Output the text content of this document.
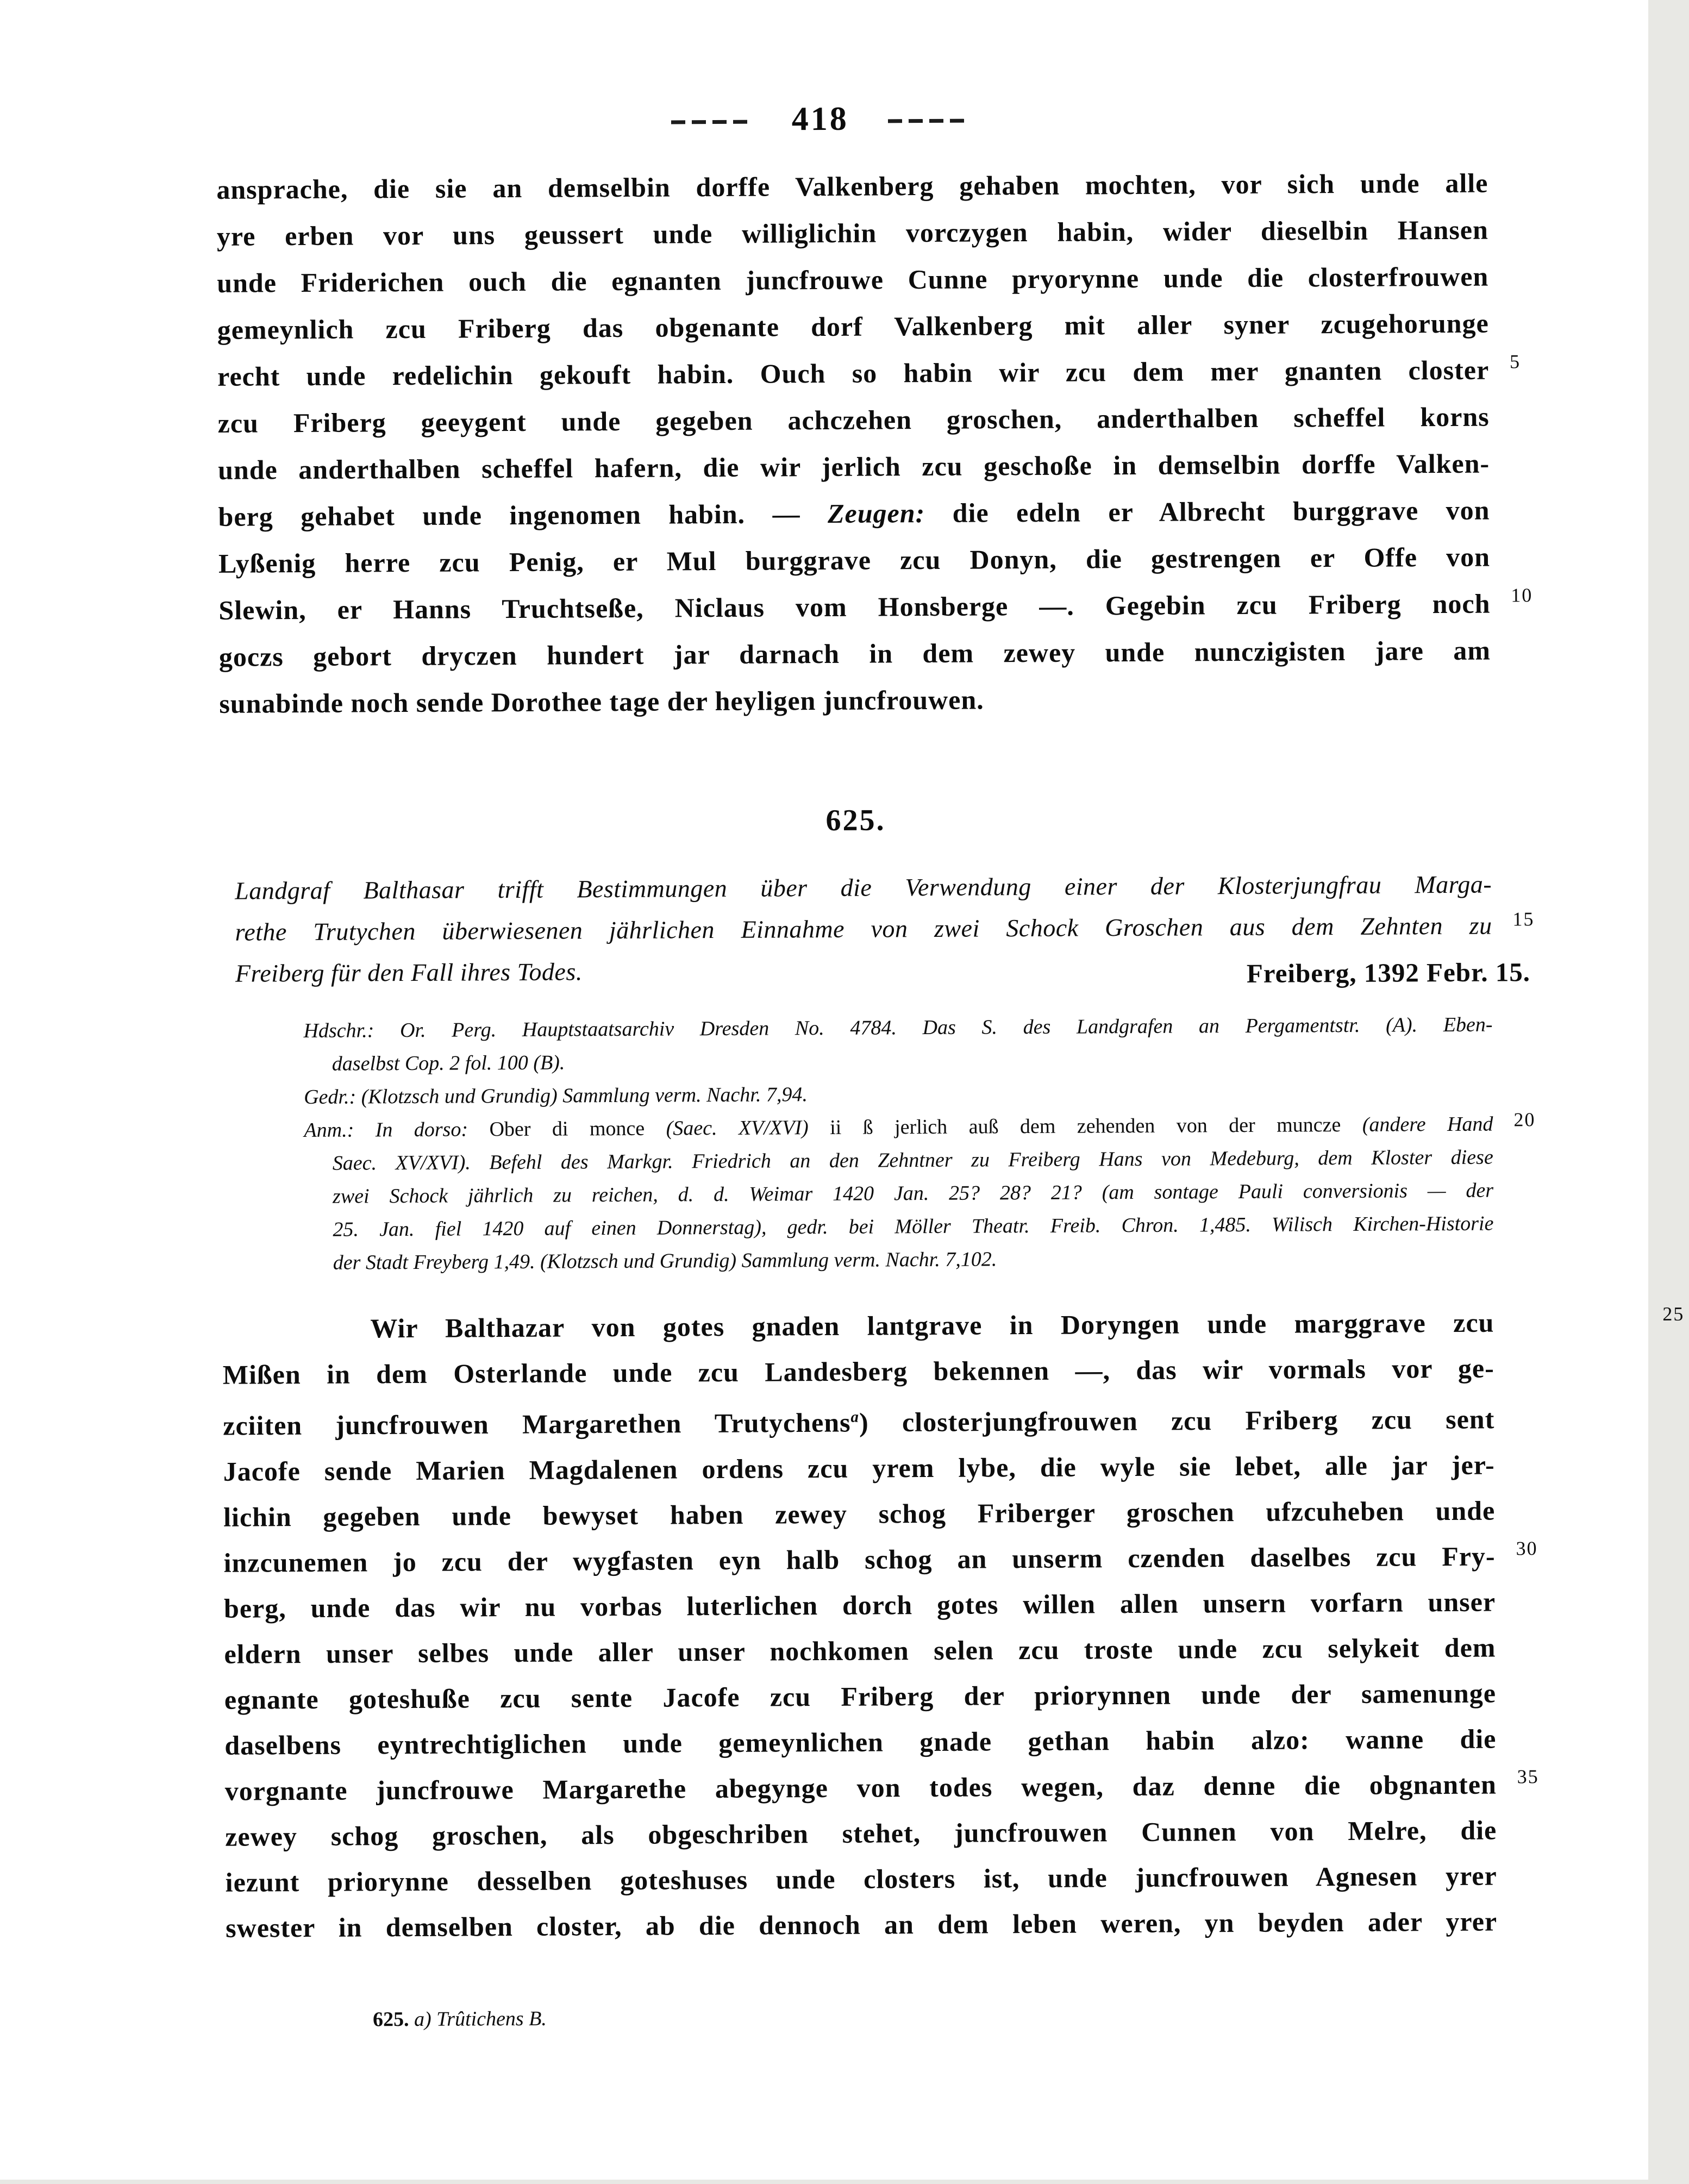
418
ansprache, die sie an demselbin dorffe Valkenberg gehaben mochten, vor sich unde alle
yre erben vor uns geussert unde williglichin vorczygen habin, wider dieselbin Hansen
unde Friderichen ouch die egnanten juncfrouwe Cunne pryorynne unde die closterfrouwen
gemeynlich zcu Friberg das obgenante dorf Valkenberg mit aller syner zcugehorunge
recht unde redelichin gekouft habin. Ouch so habin wir zcu dem mer gnanten closter 5
zcu Friberg geeygent unde gegeben achczehen groschen, anderthalben scheffel korns
unde anderthalben scheffel hafern, die wir jerlich zcu geschoße in demselbin dorffe Valken-
berg gehabet unde ingenomen habin. — Zeugen: die edeln er Albrecht burggrave von
Lyßenig herre zcu Penig, er Mul burggrave zcu Donyn, die gestrengen er Offe von
Slewin, er Hanns Truchtseße, Niclaus vom Honsberge —. Gegebin zcu Friberg noch 10
goczs gebort dryczen hundert jar darnach in dem zewey unde nunczigisten jare am
sunabinde noch sende Dorothee tage der heyligen juncfrouwen.
625.
Landgraf Balthasar trifft Bestimmungen über die Verwendung einer der Klosterjungfrau Marga-
rethe Trutychen überwiesenen jährlichen Einnahme von zwei Schock Groschen aus dem Zehnten zu 15
Freiberg für den Fall ihres Todes.	Freiberg, 1392 Febr. 15.
Hdschr.: Or. Perg. Hauptstaatsarchiv Dresden No. 4784. Das S. des Landgrafen an Pergamentstr. (A). Eben-
daselbst Cop. 2 fol. 100 (B).
Gedr.: (Klotzsch und Grundig) Sammlung verm. Nachr. 7,94.
Anm.: In dorso: Ober di monce (Saec. XV/XVI) ii ß jerlich auß dem zehenden von der muncze (andere Hand 20
Saec. XV/XVI). Befehl des Markgr. Friedrich an den Zehntner zu Freiberg Hans von Medeburg, dem Kloster diese
zwei Schock jährlich zu reichen, d. d. Weimar 1420 Jan. 25? 28? 21? (am sontage Pauli conversionis — der
25. Jan. fiel 1420 auf einen Donnerstag), gedr. bei Möller Theatr. Freib. Chron. 1,485. Wilisch Kirchen-Historie
der Stadt Freyberg 1,49. (Klotzsch und Grundig) Sammlung verm. Nachr. 7,102.
Wir Balthazar von gotes gnaden lantgrave in Doryngen unde marggrave zcu	25
Mißen in dem Osterlande unde zcu Landesberg bekennen —, das wir vormals vor ge-
zciiten juncfrouwen Margarethen Trutychens$^a$) closterjungfrouwen zcu Friberg zcu sent
Jacofe sende Marien Magdalenen ordens zcu yrem lybe, die wyle sie lebet, alle jar jer-
lichin gegeben unde bewyset haben zewey schog Friberger groschen ufzcuheben unde
inzcunemen jo zcu der wygfasten eyn halb schog an unserm czenden daselbes zcu Fry- 30
berg, unde das wir nu vorbas luterlichen dorch gotes willen allen unsern vorfarn unser
eldern unser selbes unde aller unser nochkomen selen zcu troste unde zcu selykeit dem
egnante goteshuße zcu sente Jacofe zcu Friberg der priorynnen unde der samenunge
daselbens eyntrechtiglichen unde gemeynlichen gnade gethan habin alzo: wanne die
vorgnante juncfrouwe Margarethe abegynge von todes wegen, daz denne die obgnanten 35
zewey schog groschen, als obgeschriben stehet, juncfrouwen Cunnen von Melre, die
iezunt priorynne desselben goteshuses unde closters ist, unde juncfrouwen Agnesen yrer
swester in demselben closter, ab die dennoch an dem leben weren, yn beyden ader yrer
625. a) Trûtichens B.
